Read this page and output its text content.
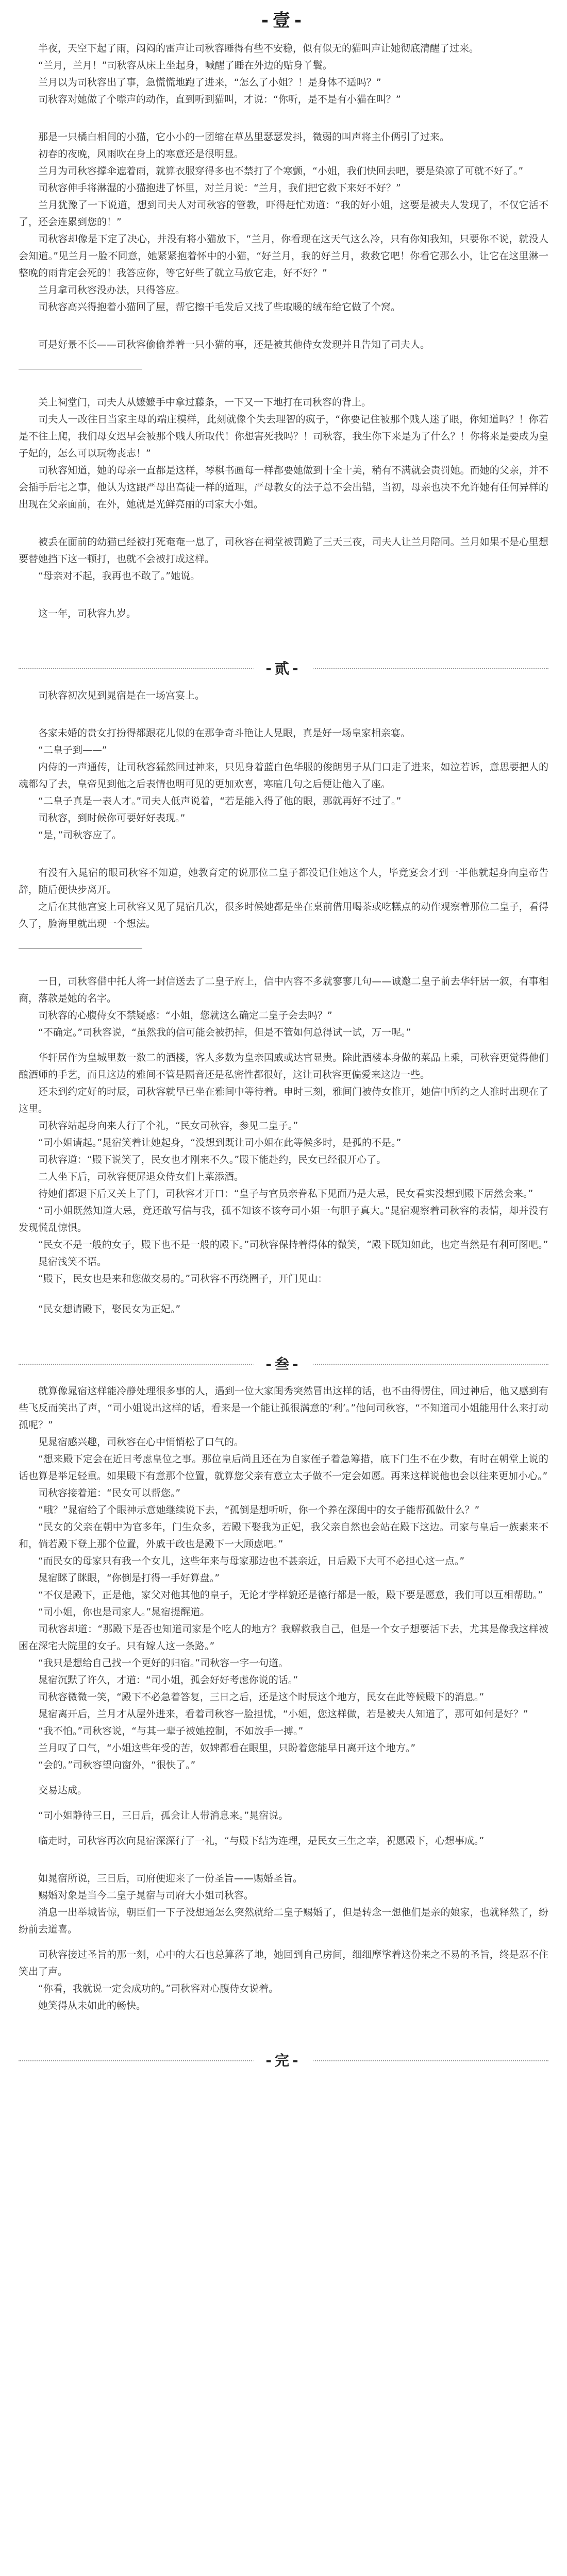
-壹-

半夜，天空下起了雨，闷闷的雷声让司秋容睡得有些不安稳，似有似无的猫叫声让她彻底清醒了过来。

“兰月，兰月！”司秋容从床上坐起身，喊醒了睡在外边的贴身丫鬟。

兰月以为司秋容出了事，急慌慌地跑了进来，“怎么了小姐？！是身体不适吗？”

司秋容对她做了个噤声的动作，直到听到猫叫，才说：“你听，是不是有小猫在叫？”

那是一只橘白相间的小猫，它小小的一团缩在草丛里瑟瑟发抖，微弱的叫声将主仆俩引了过来。

初春的夜晚，风雨吹在身上的寒意还是很明显。

兰月为司秋容撑伞遮着雨，就算衣服穿得多也不禁打了个寒颤，“小姐，我们快回去吧，要是染凉了可就不好了。”

司秋容伸手将淋湿的小猫抱进了怀里，对兰月说：“兰月，我们把它救下来好不好？”

兰月犹豫了一下说道，想到司夫人对司秋容的管教，吓得赶忙劝道：“我的好小姐，这要是被夫人发现了，不仅它活不了，还会连累到您的！”

司秋容却像是下定了决心，并没有将小猫放下，“兰月，你看现在这天气这么冷，只有你知我知，只要你不说，就没人会知道。”见兰月一脸不同意，她紧紧抱着怀中的小猫，“好兰月，我的好兰月，救救它吧！你看它那么小，让它在这里淋一整晚的雨肯定会死的！我答应你，等它好些了就立马放它走，好不好？”

兰月拿司秋容没办法，只得答应。

司秋容高兴得抱着小猫回了屋，帮它擦干毛发后又找了些取暖的绒布给它做了个窝。

可是好景不长——司秋容偷偷养着一只小猫的事，还是被其他侍女发现并且告知了司夫人。

关上祠堂门，司夫人从嬷嬷手中拿过藤条，一下又一下地打在司秋容的背上。

司夫人一改往日当家主母的端庄模样，此刻就像个失去理智的疯子，“你要记住被那个贱人迷了眼，你知道吗？！你若是不往上爬，我们母女迟早会被那个贱人所取代！你想害死我吗？！司秋容，我生你下来是为了什么？！你将来是要成为皇子妃的，怎么可以玩物丧志！”

司秋容知道，她的母亲一直都是这样，琴棋书画每一样都要她做到十全十美，稍有不满就会责罚她。而她的父亲，并不会插手后宅之事，他认为这跟严母出高徒一样的道理，严母教女的法子总不会出错，当初，母亲也决不允许她有任何异样的出现在父亲面前，在外，她就是光鲜亮丽的司家大小姐。

被丢在面前的幼猫已经被打死奄奄一息了，司秋容在祠堂被罚跪了三天三夜，司夫人让兰月陪同。兰月如果不是心里想要替她挡下这一顿打，也就不会被打成这样。

“母亲对不起，我再也不敢了。”她说。

这一年，司秋容九岁。

-贰-

司秋容初次见到晁宿是在一场宫宴上。

各家未婚的贵女打扮得都跟花儿似的在那争奇斗艳让人晃眼，真是好一场皇家相亲宴。

“二皇子到——”

内侍的一声通传，让司秋容猛然回过神来，只见身着蓝白色华服的俊朗男子从门口走了进来，如泣若诉，意思要把人的魂都勾了去，皇帝见到他之后表情也明可见的更加欢喜，寒暄几句之后便让他入了座。

“二皇子真是一表人才。”司夫人低声说着，“若是能入得了他的眼，那就再好不过了。”

司秋容，到时候你可要好好表现。”

“是，”司秋容应了。

有没有入晁宿的眼司秋容不知道，她教育定的说那位二皇子都没记住她这个人，毕竟宴会才到一半他就起身向皇帝告辞，随后便快步离开。

之后在其他宫宴上司秋容又见了晁宿几次，很多时候她都是坐在桌前借用喝茶或吃糕点的动作观察着那位二皇子，看得久了，脸海里就出现一个想法。

一日，司秋容借中托人将一封信送去了二皇子府上，信中内容不多就寥寥几句——诚邀二皇子前去华轩居一叙，有事相商，落款是她的名字。

司秋容的心腹侍女不禁疑惑：“小姐，您就这么确定二皇子会去吗？”

“不确定。”司秋容说，“虽然我的信可能会被扔掉，但是不管如何总得试一试，万一呢。”

华轩居作为皇城里数一数二的酒楼，客人多数为皇亲国戚或达官显贵。除此酒楼本身做的菜品上乘，司秋容更觉得他们酿酒师的手艺，而且这边的雅间不管是隔音还是私密性都很好，这让司秋容更偏爱来这边一些。

还未到约定好的时辰，司秋容就早已坐在雅间中等待着。申时三刻，雅间门被侍女推开，她信中所约之人准时出现在了这里。

司秋容站起身向来人行了个礼，“民女司秋容，参见二皇子。”

“司小姐请起。”晁宿笑着让她起身，“没想到既让司小姐在此等候多时，是孤的不是。”

司秋容道：“殿下说笑了，民女也才刚来不久。”殿下能赴约，民女已经很开心了。

二人坐下后，司秋容便屏退众侍女们上菜添酒。

待她们都退下后又关上了门，司秋容才开口：“皇子与官员亲眷私下见面乃是大忌，民女看实没想到殿下居然会来。”

“司小姐既然知道大忌，竟还敢写信与我，孤不知该不该夸司小姐一句胆子真大。”晁宿观察着司秋容的表情，却并没有发现慌乱惊惧。

“民女不是一般的女子，殿下也不是一般的殿下。”司秋容保持着得体的微笑，“殿下既知如此，也定当然是有利可图吧。”

晁宿浅笑不语。

“殿下，民女也是来和您做交易的。”司秋容不再绕圈子，开门见山：

“民女想请殿下，娶民女为正妃。”

-叁-

就算像晁宿这样能冷静处理很多事的人，遇到一位大家闺秀突然冒出这样的话，也不由得愣住，回过神后，他又感到有些飞反而笑出了声，“司小姐说出这样的话，看来是一个能让孤很满意的‘利’。”他问司秋容，“不知道司小姐能用什么来打动孤呢？”

见晁宿感兴趣，司秋容在心中悄悄松了口气的。

“想来殿下定会在近日考虑皇位之事。那位皇后尚且还在为自家侄子着急筹措，底下门生不在少数，有时在朝堂上说的话也算是举足轻重。如果殿下有意那个位置，就算您父亲有意立太子做不一定会如愿。再来这样说他也会以往来更加小心。”

司秋容接着道：“民女可以帮您。”

“哦？”晁宿给了个眼神示意她继续说下去，“孤倒是想听听，你一个养在深闺中的女子能帮孤做什么？”

“民女的父亲在朝中为官多年，门生众多，若殿下娶我为正妃，我父亲自然也会站在殿下这边。司家与皇后一族素来不和，倘若殿下登上那个位置，外戚干政也是殿下一大顾虑吧。”

“而民女的母家只有我一个女儿，这些年来与母家那边也不甚亲近，日后殿下大可不必担心这一点。”

晁宿眯了眯眼，“你倒是打得一手好算盘。”

“不仅是殿下，正是他，家父对他其他的皇子，无论才学样貌还是德行都是一般，殿下要是愿意，我们可以互相帮助。”

“司小姐，你也是司家人。”晁宿提醒道。

司秋容却道：“那殿下是否也知道司家是个吃人的地方？我解救我自己，但是一个女子想要活下去，尤其是像我这样被困在深宅大院里的女子。只有嫁人这一条路。”

“我只是想给自己找一个更好的归宿。”司秋容一字一句道。

晁宿沉默了许久，才道：“司小姐，孤会好好考虑你说的话。”

司秋容微微一笑，“殿下不必急着答复，三日之后，还是这个时辰这个地方，民女在此等候殿下的消息。”

晁宿离开后，兰月才从屋外进来，看着司秋容一脸担忧，“小姐，您这样做，若是被夫人知道了，那可如何是好？”

“我不怕。”司秋容说，“与其一辈子被她控制，不如放手一搏。”

兰月叹了口气，“小姐这些年受的苦，奴婢都看在眼里，只盼着您能早日离开这个地方。”

“会的。”司秋容望向窗外，“很快了。”

交易达成。

“司小姐静待三日，三日后，孤会让人带消息来。”晁宿说。

临走时，司秋容再次向晁宿深深行了一礼，“与殿下结为连理，是民女三生之幸，祝愿殿下，心想事成。”

如晁宿所说，三日后，司府便迎来了一份圣旨——赐婚圣旨。

赐婚对象是当今二皇子晁宿与司府大小姐司秋容。

消息一出举城皆惊，朝臣们一下子没想通怎么突然就给二皇子赐婚了，但是转念一想他们是亲的娘家，也就释然了，纷纷前去道喜。

司秋容接过圣旨的那一刻，心中的大石也总算落了地，她回到自己房间，细细摩挲着这份来之不易的圣旨，终是忍不住笑出了声。

“你看，我就说一定会成功的。”司秋容对心腹侍女说着。

她笑得从未如此的畅快。

-完-
